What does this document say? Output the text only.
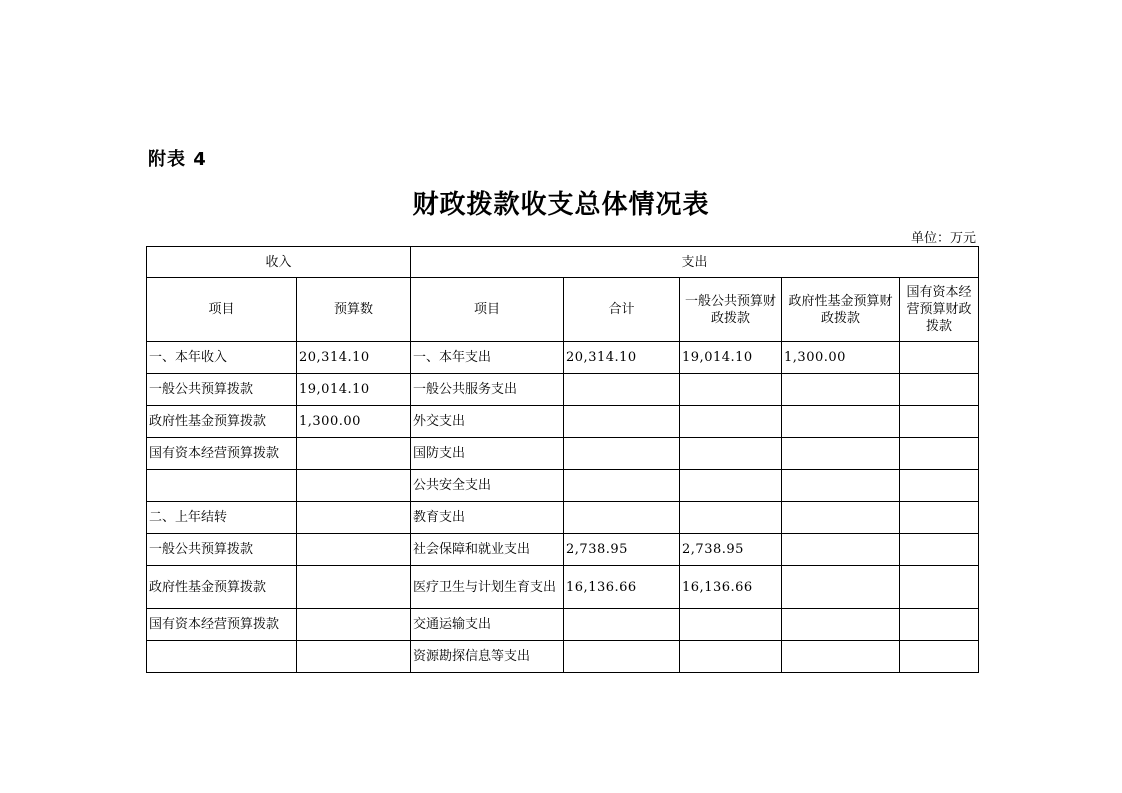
附表 4
财政拨款收支总体情况表
单位：万元
收入		支出				
项目	预算数	项目	合计	一般公共预算财政拨款	政府性基金预算财政拨款	国有资本经营预算财政拨款
一、本年收入	20,314.10	一、本年支出	20,314.10	19,014.10	1,300.00	
一般公共预算拨款	19,014.10	一般公共服务支出				
政府性基金预算拨款	1,300.00	外交支出				
国有资本经营预算拨款		国防支出				
		公共安全支出				
二、上年结转		教育支出				
一般公共预算拨款		社会保障和就业支出	2,738.95	2,738.95		
政府性基金预算拨款		医疗卫生与计划生育支出	16,136.66	16,136.66		
国有资本经营预算拨款		交通运输支出				
		资源勘探信息等支出				
